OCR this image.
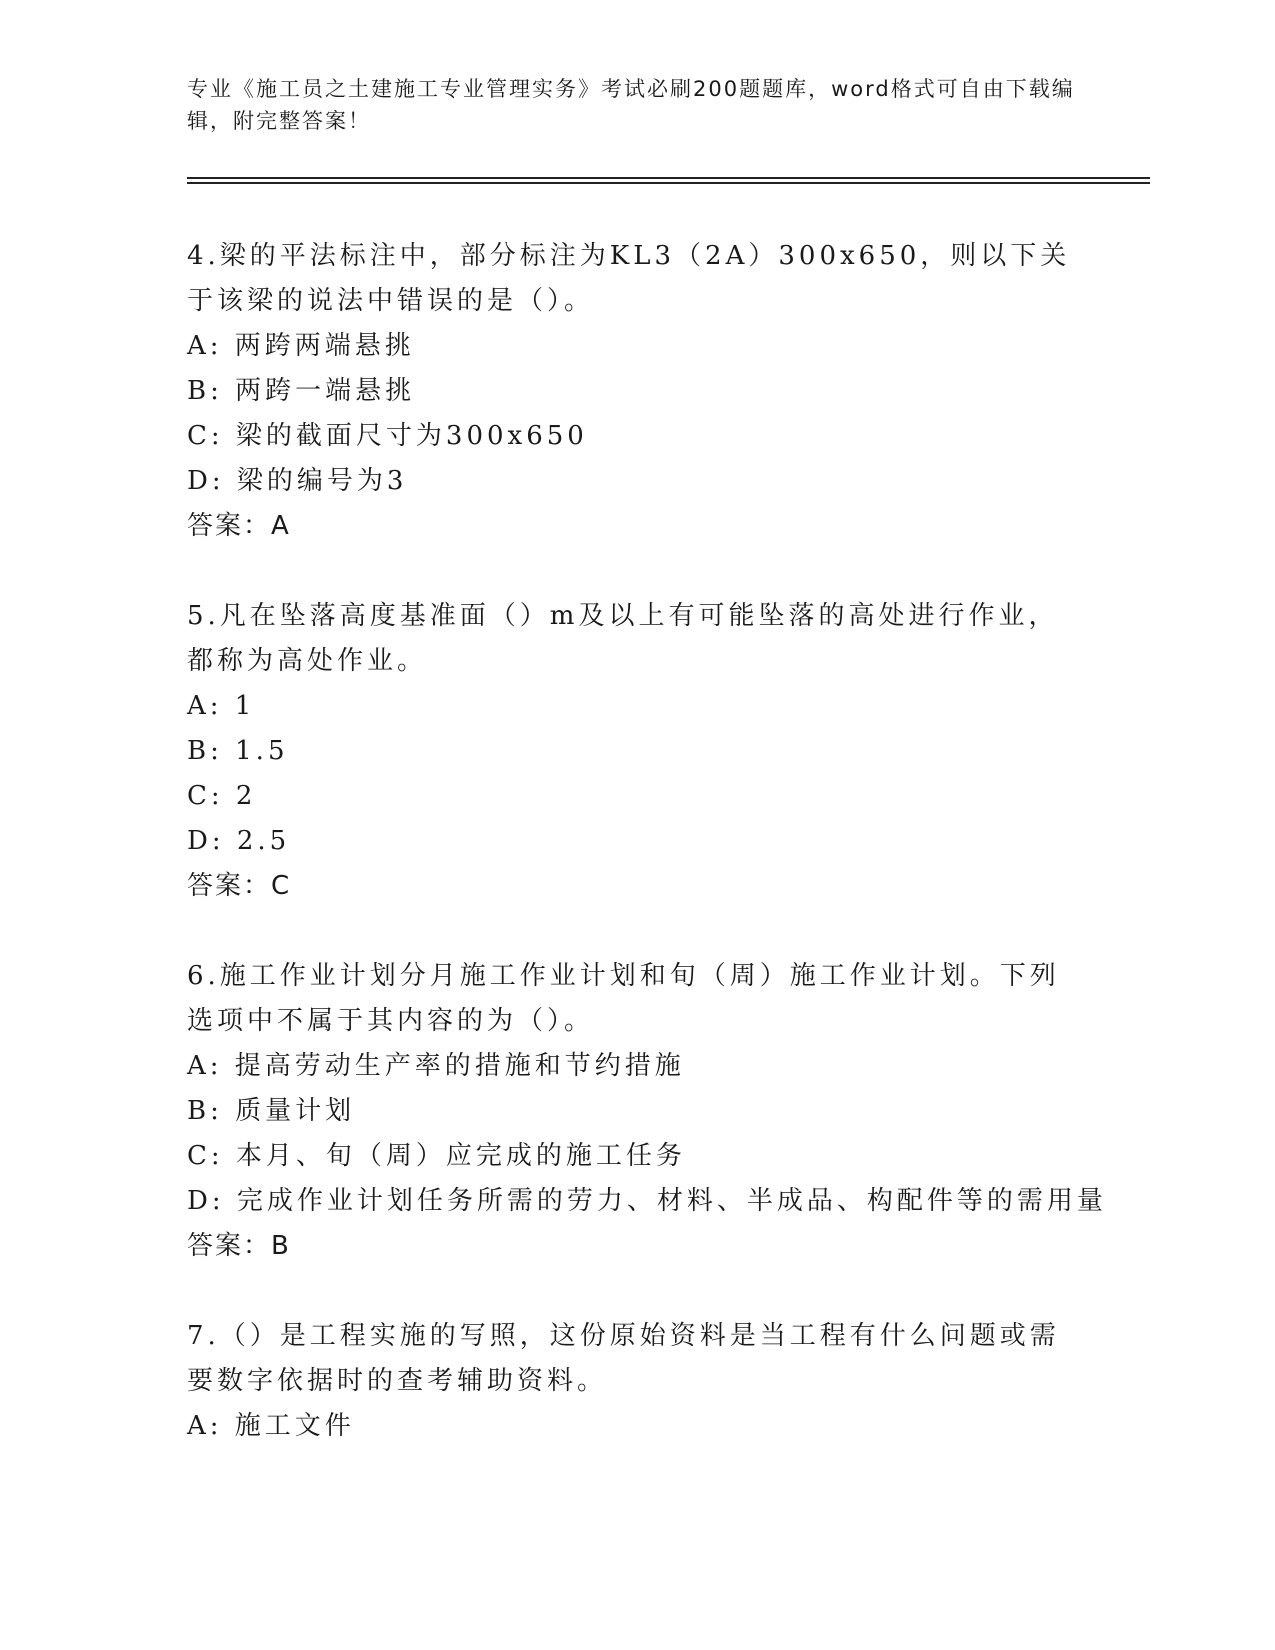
专业《施工员之土建施工专业管理实务》考试必刷200题题库，word格式可自由下载编辑，附完整答案！

4.梁的平法标注中，部分标注为KL3（2A）300x650，则以下关于该梁的说法中错误的是（）。

A: 两跨两端悬挑

B: 两跨一端悬挑

C: 梁的截面尺寸为300x650

D: 梁的编号为3

答案：A

5.凡在坠落高度基准面（）m及以上有可能坠落的高处进行作业，都称为高处作业。

A: 1

B: 1.5

C: 2

D: 2.5

答案：C

6.施工作业计划分月施工作业计划和旬（周）施工作业计划。下列选项中不属于其内容的为（）。

A: 提高劳动生产率的措施和节约措施

B: 质量计划

C: 本月、旬（周）应完成的施工任务

D: 完成作业计划任务所需的劳力、材料、半成品、构配件等的需用量

答案：B

7.（）是工程实施的写照，这份原始资料是当工程有什么问题或需要数字依据时的查考辅助资料。

A: 施工文件
